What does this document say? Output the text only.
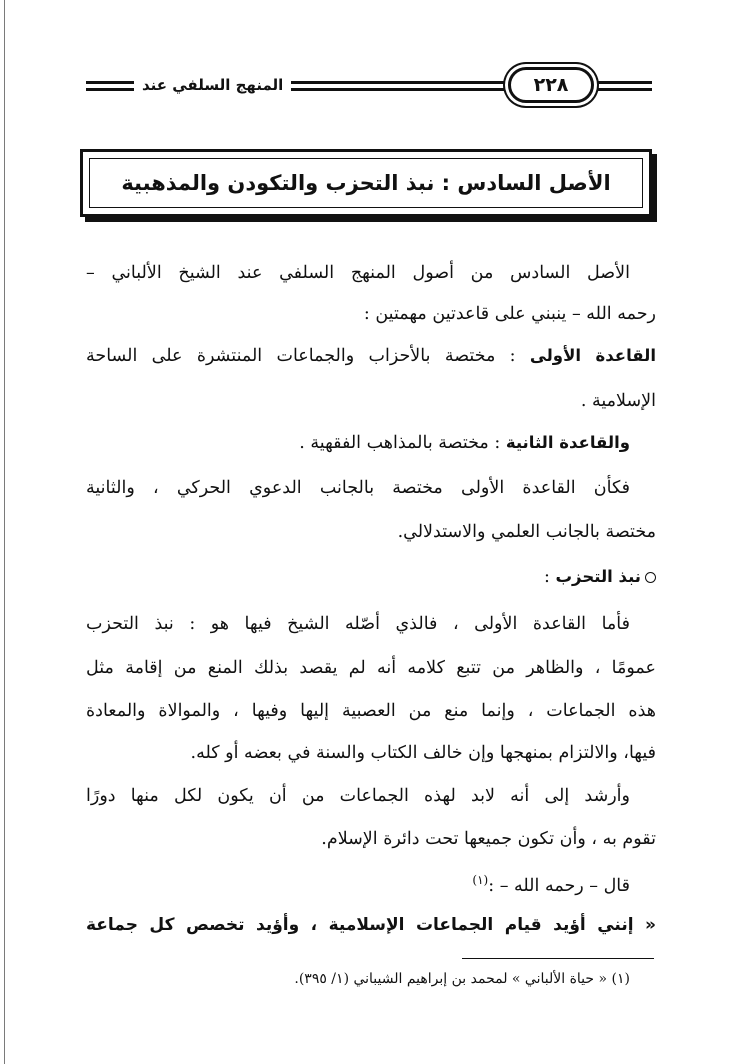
المنهج السلفي عند	٢٢٨
الأصل السادس : نبذ التحزب والتكودن والمذهبية
الأصل السادس من أصول المنهج السلفي عند الشيخ الألباني –
رحمه الله – ينبني على قاعدتين مهمتين :
القاعدة الأولى : مختصة بالأحزاب والجماعات المنتشرة على الساحة
الإسلامية .
والقاعدة الثانية : مختصة بالمذاهب الفقهية .
فكأن القاعدة الأولى مختصة بالجانب الدعوي الحركي ، والثانية
مختصة بالجانب العلمي والاستدلالي.
نبذ التحزب :
فأما القاعدة الأولى ، فالذي أصّله الشيخ فيها هو : نبذ التحزب
عمومًا ، والظاهر من تتبع كلامه أنه لم يقصد بذلك المنع من إقامة مثل
هذه الجماعات ، وإنما منع من العصبية إليها وفيها ، والموالاة والمعادة
فيها، والالتزام بمنهجها وإن خالف الكتاب والسنة في بعضه أو كله.
وأرشد إلى أنه لابد لهذه الجماعات من أن يكون لكل منها دورًا
تقوم به ، وأن تكون جميعها تحت دائرة الإسلام.
قال – رحمه الله – :$^{(١)}$
« إنني أؤيد قيام الجماعات الإسلامية ، وأؤيد تخصص كل جماعة
(١) « حياة الألباني » لمحمد بن إبراهيم الشيباني (١/ ٣٩٥).
